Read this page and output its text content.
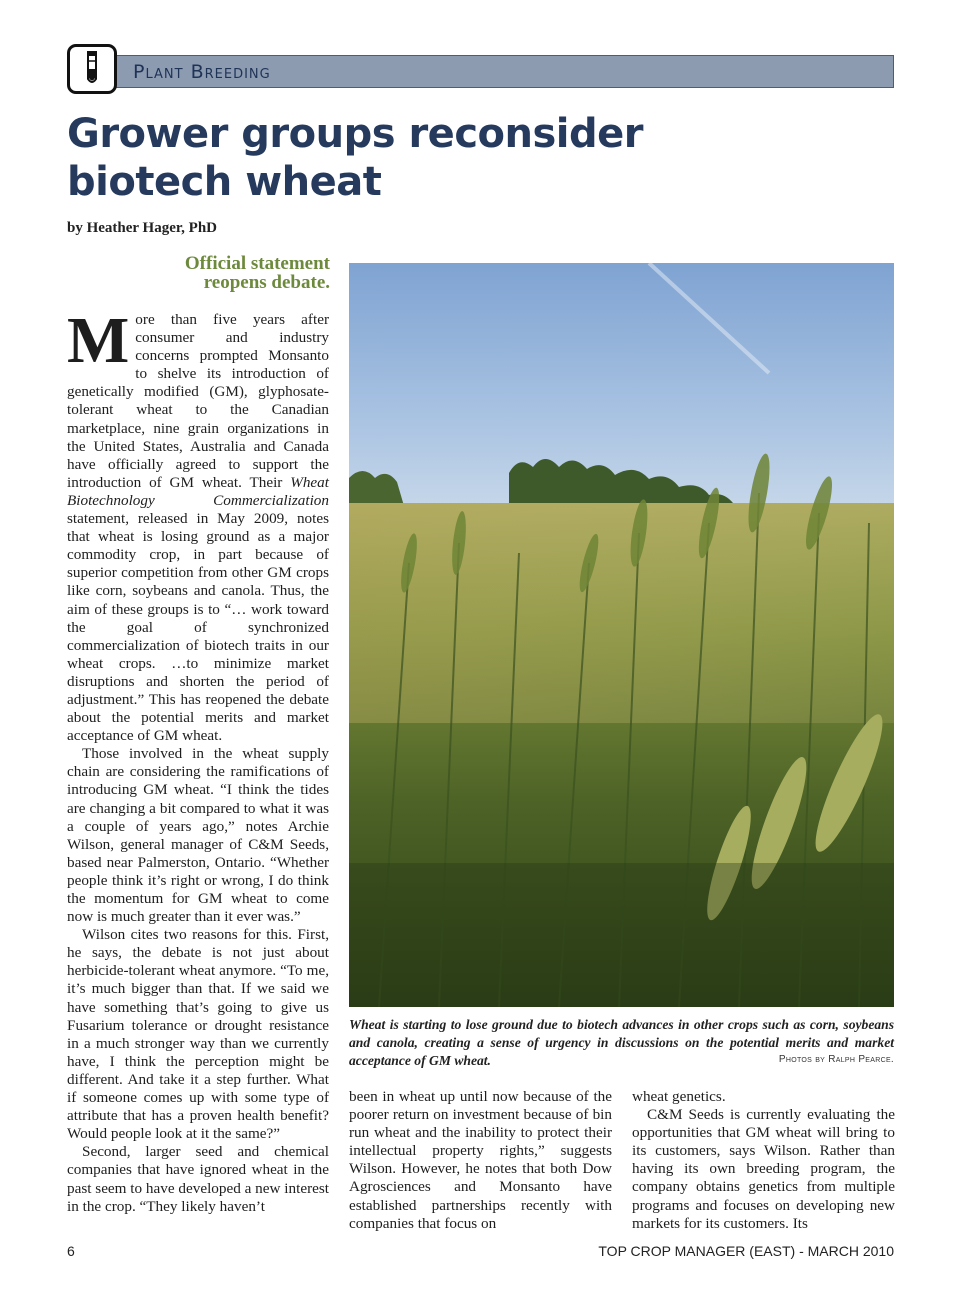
Plant Breeding
Grower groups reconsider
biotech wheat
by Heather Hager, PhD
Official statement
reopens debate.

More than five years after consumer and industry concerns prompted Monsanto to shelve its introduction of genetically modified (GM), glyphosate-tolerant wheat to the Canadian marketplace, nine grain organizations in the United States, Australia and Canada have officially agreed to support the introduction of GM wheat. Their Wheat Biotechnology Commercialization statement, released in May 2009, notes that wheat is losing ground as a major commodity crop, in part because of superior competition from other GM crops like corn, soybeans and canola. Thus, the aim of these groups is to “… work toward the goal of synchronized commercialization of biotech traits in our wheat crops. …to minimize market disruptions and shorten the period of adjustment.” This has reopened the debate about the potential merits and market acceptance of GM wheat.

Those involved in the wheat supply chain are considering the ramifications of introducing GM wheat. “I think the tides are changing a bit compared to what it was a couple of years ago,” notes Archie Wilson, general manager of C&M Seeds, based near Palmerston, Ontario. “Whether people think it’s right or wrong, I do think the momentum for GM wheat to come now is much greater than it ever was.”

Wilson cites two reasons for this. First, he says, the debate is not just about herbicide-tolerant wheat anymore. “To me, it’s much bigger than that. If we said we have something that’s going to give us Fusarium tolerance or drought resistance in a much stronger way than we currently have, I think the perception might be different. And take it a step further. What if someone comes up with some type of attribute that has a proven health benefit? Would people look at it the same?”

Second, larger seed and chemical companies that have ignored wheat in the past seem to have developed a new interest in the crop. “They likely haven’t

Wheat is starting to lose ground due to biotech advances in other crops such as corn, soybeans and canola, creating a sense of urgency in discussions on the potential merits and market acceptance of GM wheat.	Photos by Ralph Pearce.

been in wheat up until now because of the poorer return on investment because of bin run wheat and the inability to protect their intellectual property rights,” suggests Wilson. However, he notes that both Dow Agrosciences and Monsanto have established partnerships recently with companies that focus on

wheat genetics.

C&M Seeds is currently evaluating the opportunities that GM wheat will bring to its customers, says Wilson. Rather than having its own breeding program, the company obtains genetics from multiple programs and focuses on developing new markets for its customers. Its

6	TOP CROP MANAGER (EAST) - MARCH 2010
